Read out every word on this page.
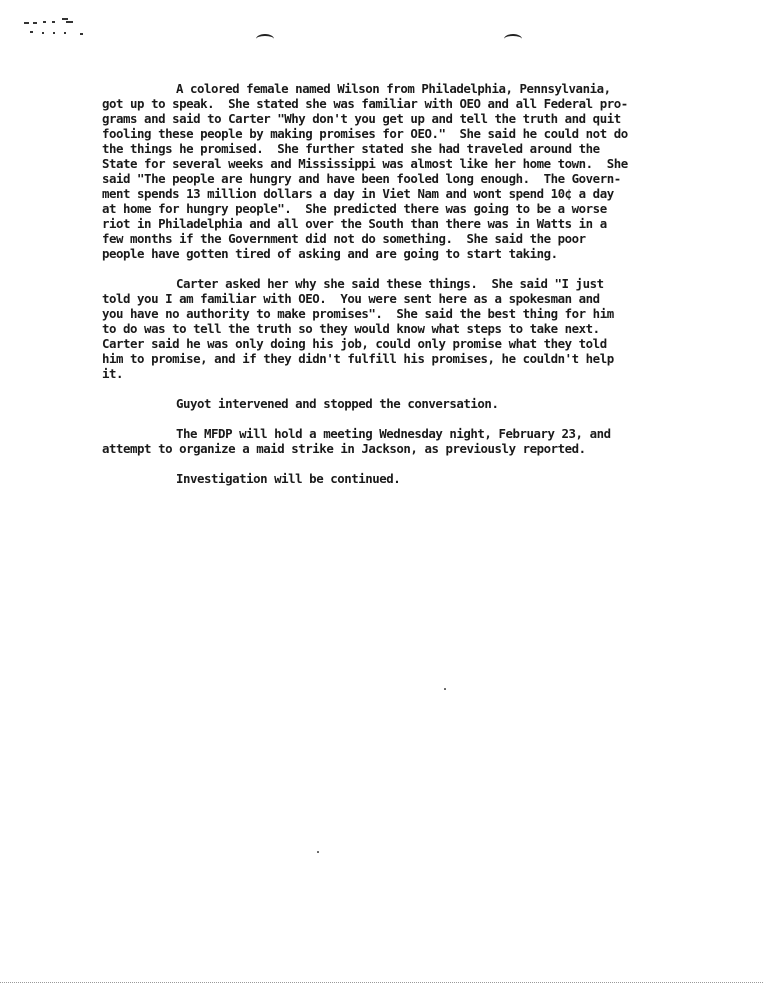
A colored female named Wilson from Philadelphia, Pennsylvania,
got up to speak.  She stated she was familiar with OEO and all Federal pro-
grams and said to Carter "Why don't you get up and tell the truth and quit
fooling these people by making promises for OEO."  She said he could not do
the things he promised.  She further stated she had traveled around the
State for several weeks and Mississippi was almost like her home town.  She
said "The people are hungry and have been fooled long enough.  The Govern-
ment spends 13 million dollars a day in Viet Nam and wont spend 10¢ a day
at home for hungry people".  She predicted there was going to be a worse
riot in Philadelphia and all over the South than there was in Watts in a
few months if the Government did not do something.  She said the poor
people have gotten tired of asking and are going to start taking.
Carter asked her why she said these things.  She said "I just
told you I am familiar with OEO.  You were sent here as a spokesman and
you have no authority to make promises".  She said the best thing for him
to do was to tell the truth so they would know what steps to take next.
Carter said he was only doing his job, could only promise what they told
him to promise, and if they didn't fulfill his promises, he couldn't help
it.
Guyot intervened and stopped the conversation.
The MFDP will hold a meeting Wednesday night, February 23, and
attempt to organize a maid strike in Jackson, as previously reported.
Investigation will be continued.
